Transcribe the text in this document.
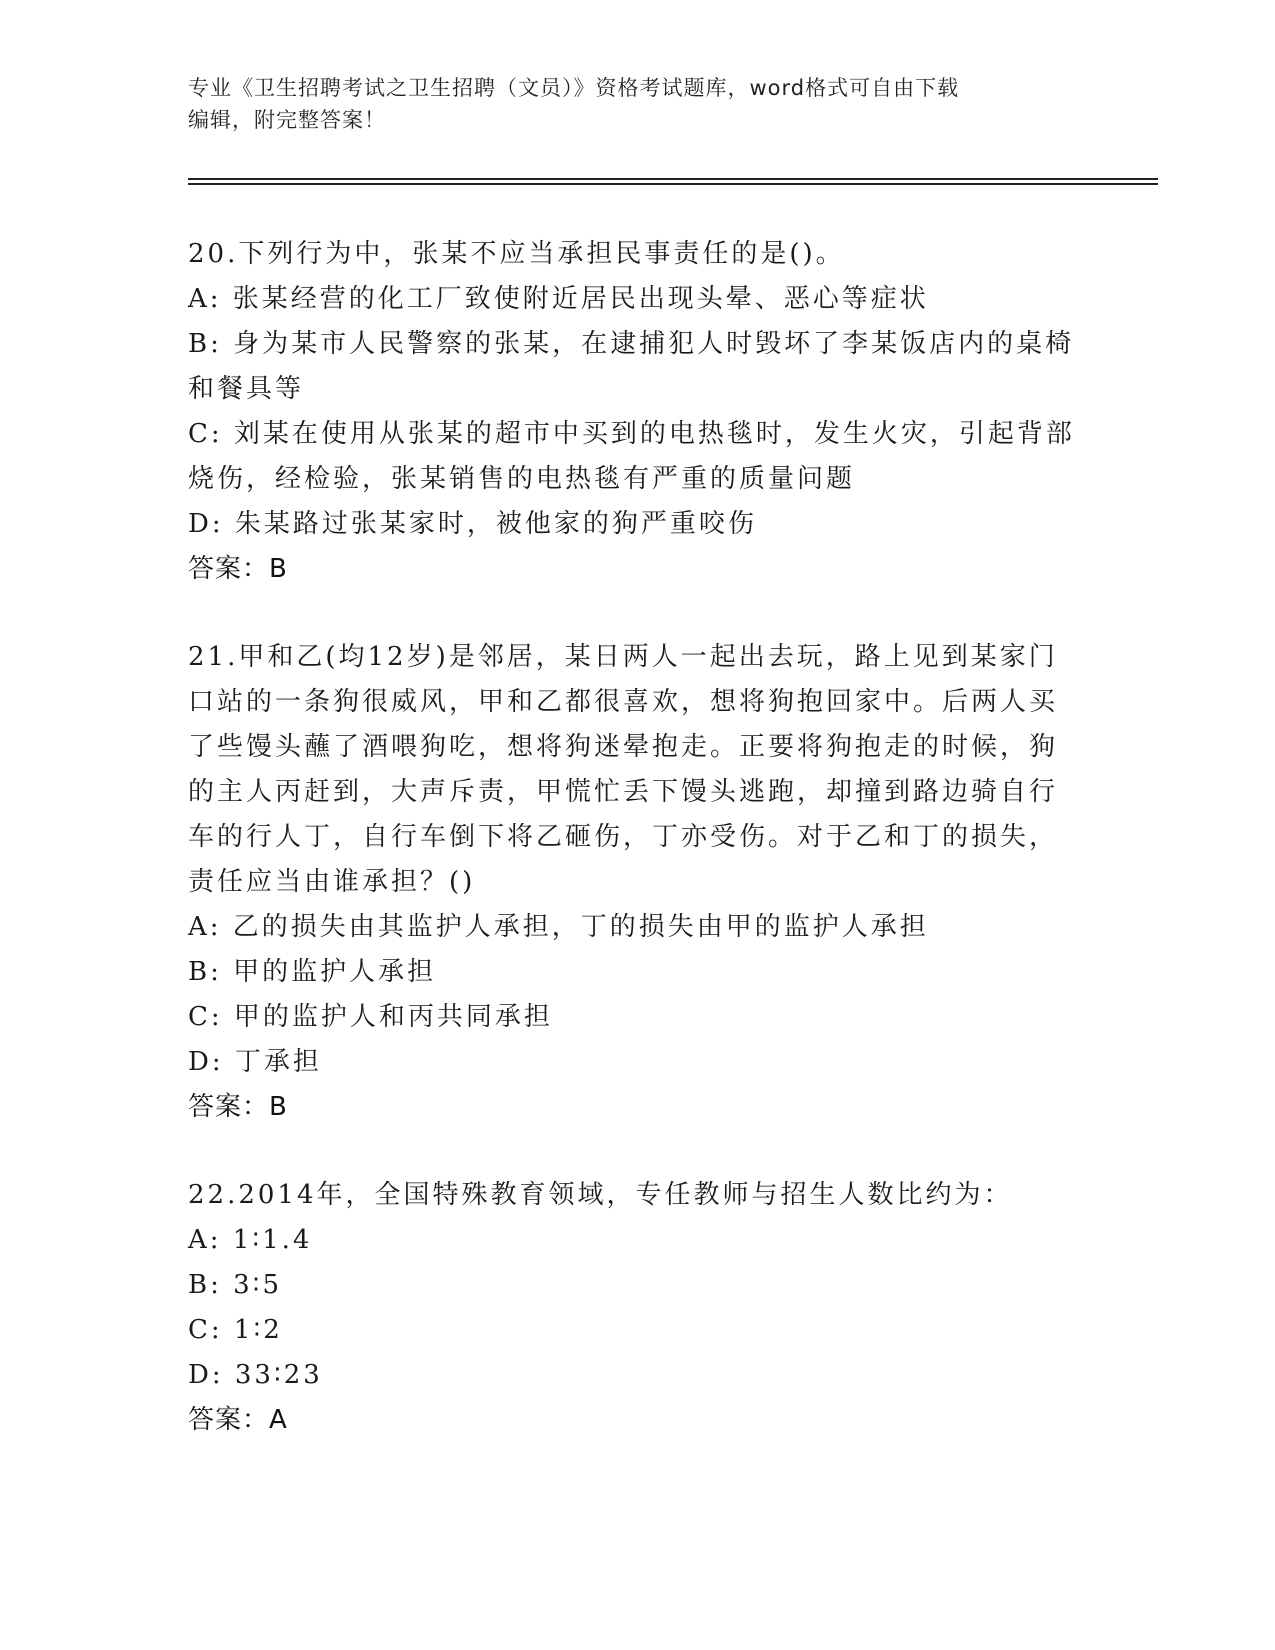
专业《卫生招聘考试之卫生招聘（文员）》资格考试题库，word格式可自由下载
编辑，附完整答案！
20.下列行为中，张某不应当承担民事责任的是()。
A: 张某经营的化工厂致使附近居民出现头晕、恶心等症状
B: 身为某市人民警察的张某，在逮捕犯人时毁坏了李某饭店内的桌椅
和餐具等
C: 刘某在使用从张某的超市中买到的电热毯时，发生火灾，引起背部
烧伤，经检验，张某销售的电热毯有严重的质量问题
D: 朱某路过张某家时，被他家的狗严重咬伤
答案：B
21.甲和乙(均12岁)是邻居，某日两人一起出去玩，路上见到某家门
口站的一条狗很威风，甲和乙都很喜欢，想将狗抱回家中。后两人买
了些馒头蘸了酒喂狗吃，想将狗迷晕抱走。正要将狗抱走的时候，狗
的主人丙赶到，大声斥责，甲慌忙丢下馒头逃跑，却撞到路边骑自行
车的行人丁，自行车倒下将乙砸伤，丁亦受伤。对于乙和丁的损失，
责任应当由谁承担？()
A: 乙的损失由其监护人承担，丁的损失由甲的监护人承担
B: 甲的监护人承担
C: 甲的监护人和丙共同承担
D: 丁承担
答案：B
22.2014年，全国特殊教育领域，专任教师与招生人数比约为：
A: 1∶1.4
B: 3∶5
C: 1∶2
D: 33∶23
答案：A
